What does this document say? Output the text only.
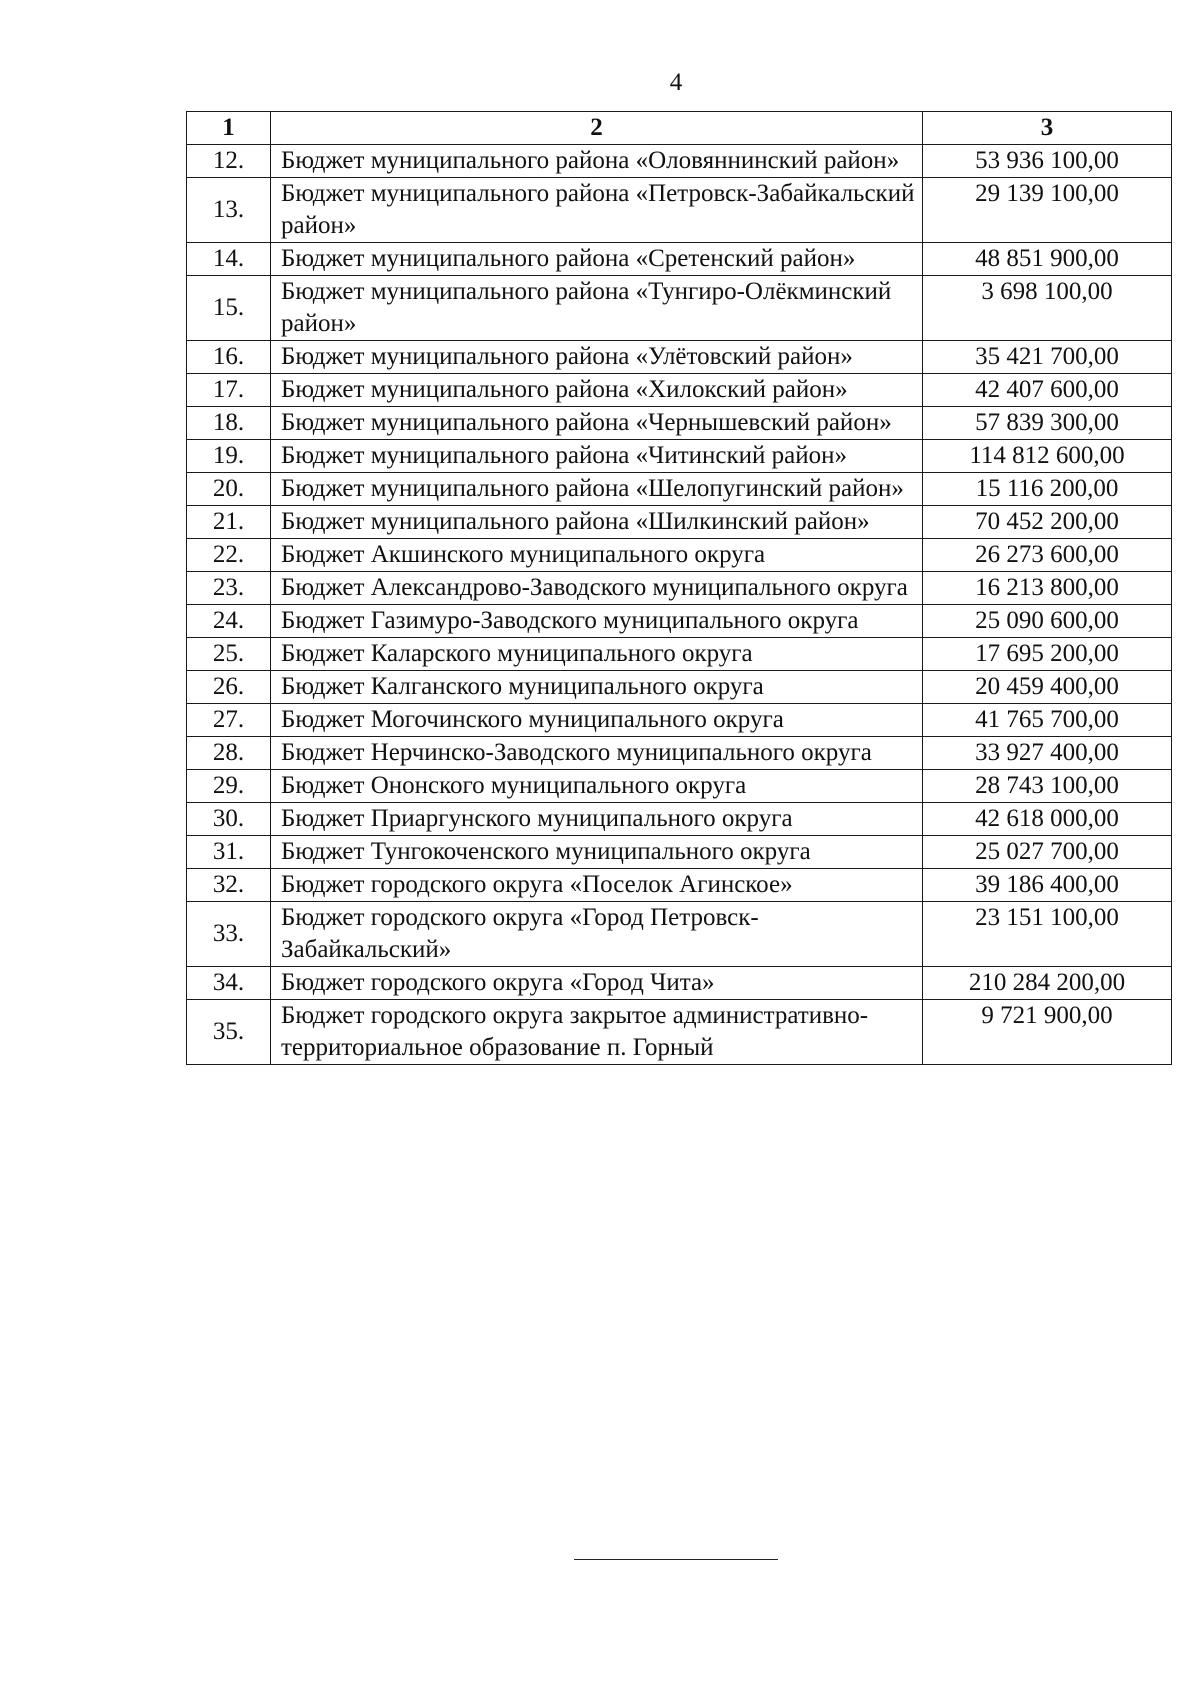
4
1	2	3
12.	Бюджет муниципального района «Оловяннинский район»	53 936 100,00
13.	Бюджет муниципального района «Петровск-Забайкальский район»	29 139 100,00
14.	Бюджет муниципального района «Сретенский район»	48 851 900,00
15.	Бюджет муниципального района «Тунгиро-Олёкминский район»	3 698 100,00
16.	Бюджет муниципального района «Улётовский район»	35 421 700,00
17.	Бюджет муниципального района «Хилокский район»	42 407 600,00
18.	Бюджет муниципального района «Чернышевский район»	57 839 300,00
19.	Бюджет муниципального района «Читинский район»	114 812 600,00
20.	Бюджет муниципального района «Шелопугинский район»	15 116 200,00
21.	Бюджет муниципального района «Шилкинский район»	70 452 200,00
22.	Бюджет Акшинского муниципального округа	26 273 600,00
23.	Бюджет Александрово-Заводского муниципального округа	16 213 800,00
24.	Бюджет Газимуро-Заводского муниципального округа	25 090 600,00
25.	Бюджет Каларского муниципального округа	17 695 200,00
26.	Бюджет Калганского муниципального округа	20 459 400,00
27.	Бюджет Могочинского муниципального округа	41 765 700,00
28.	Бюджет Нерчинско-Заводского муниципального округа	33 927 400,00
29.	Бюджет Ононского муниципального округа	28 743 100,00
30.	Бюджет Приаргунского муниципального округа	42 618 000,00
31.	Бюджет Тунгокоченского муниципального округа	25 027 700,00
32.	Бюджет городского округа «Поселок Агинское»	39 186 400,00
33.	Бюджет городского округа «Город Петровск-Забайкальский»	23 151 100,00
34.	Бюджет городского округа «Город Чита»	210 284 200,00
35.	Бюджет городского округа закрытое административно-территориальное образование п. Горный	9 721 900,00
